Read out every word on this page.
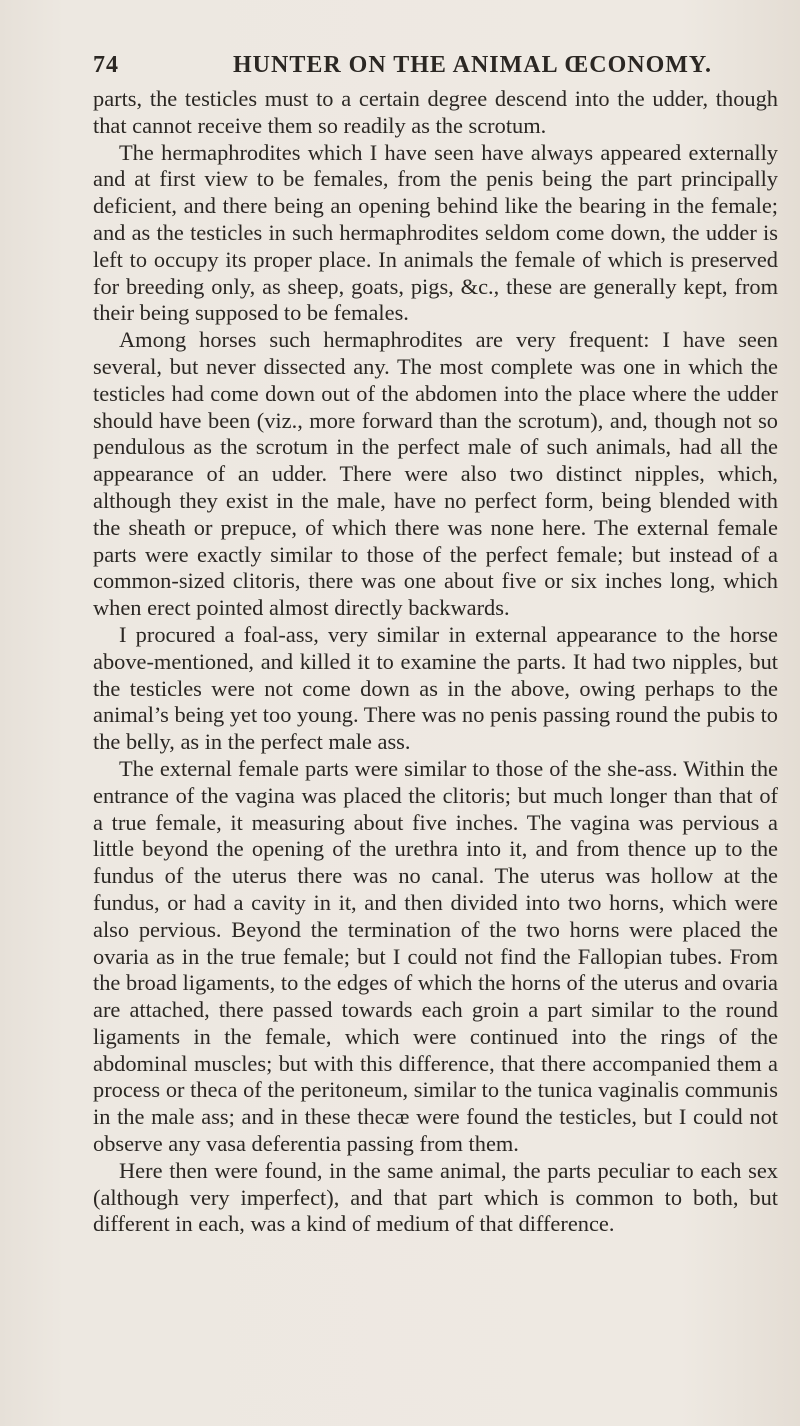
74	HUNTER ON THE ANIMAL ŒCONOMY.

parts, the testicles must to a certain degree descend into the udder, though that cannot receive them so readily as the scrotum.

The hermaphrodites which I have seen have always appeared externally and at first view to be females, from the penis being the part principally deficient, and there being an opening behind like the bearing in the female; and as the testicles in such hermaphrodites seldom come down, the udder is left to occupy its proper place. In animals the female of which is preserved for breeding only, as sheep, goats, pigs, &c., these are generally kept, from their being supposed to be females.

Among horses such hermaphrodites are very frequent: I have seen several, but never dissected any. The most complete was one in which the testicles had come down out of the abdomen into the place where the udder should have been (viz., more forward than the scrotum), and, though not so pendulous as the scrotum in the perfect male of such animals, had all the appearance of an udder. There were also two distinct nipples, which, although they exist in the male, have no perfect form, being blended with the sheath or prepuce, of which there was none here. The external female parts were exactly similar to those of the perfect female; but instead of a common-sized clitoris, there was one about five or six inches long, which when erect pointed almost directly backwards.

I procured a foal-ass, very similar in external appearance to the horse above-mentioned, and killed it to examine the parts. It had two nipples, but the testicles were not come down as in the above, owing perhaps to the animal’s being yet too young. There was no penis passing round the pubis to the belly, as in the perfect male ass.

The external female parts were similar to those of the she-ass. Within the entrance of the vagina was placed the clitoris; but much longer than that of a true female, it measuring about five inches. The vagina was pervious a little beyond the opening of the urethra into it, and from thence up to the fundus of the uterus there was no canal. The uterus was hollow at the fundus, or had a cavity in it, and then divided into two horns, which were also pervious. Beyond the termination of the two horns were placed the ovaria as in the true female; but I could not find the Fallopian tubes. From the broad ligaments, to the edges of which the horns of the uterus and ovaria are attached, there passed towards each groin a part similar to the round ligaments in the female, which were continued into the rings of the abdominal muscles; but with this difference, that there accompanied them a process or theca of the peritoneum, similar to the tunica vaginalis communis in the male ass; and in these thecæ were found the testicles, but I could not observe any vasa deferentia passing from them.

Here then were found, in the same animal, the parts peculiar to each sex (although very imperfect), and that part which is common to both, but different in each, was a kind of medium of that difference.
